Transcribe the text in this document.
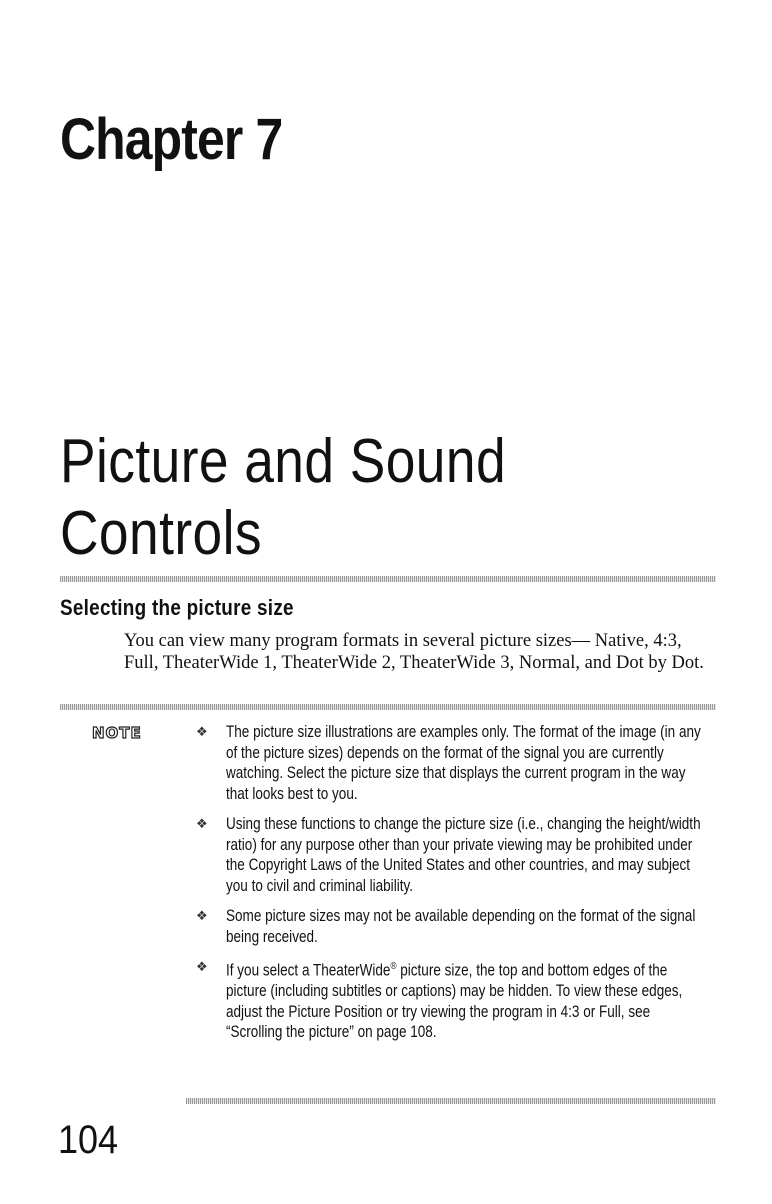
Chapter 7
Picture and Sound Controls
Selecting the picture size

You can view many program formats in several picture sizes— Native, 4:3, Full, TheaterWide 1, TheaterWide 2, TheaterWide 3, Normal, and Dot by Dot.

NOTE	❖ The picture size illustrations are examples only. The format of the image (in any of the picture sizes) depends on the format of the signal you are currently watching. Select the picture size that displays the current program in the way that looks best to you.
❖ Using these functions to change the picture size (i.e., changing the height/width ratio) for any purpose other than your private viewing may be prohibited under the Copyright Laws of the United States and other countries, and may subject you to civil and criminal liability.
❖ Some picture sizes may not be available depending on the format of the signal being received.
❖ If you select a TheaterWide® picture size, the top and bottom edges of the picture (including subtitles or captions) may be hidden. To view these edges, adjust the Picture Position or try viewing the program in 4:3 or Full, see “Scrolling the picture” on page 108.
104
